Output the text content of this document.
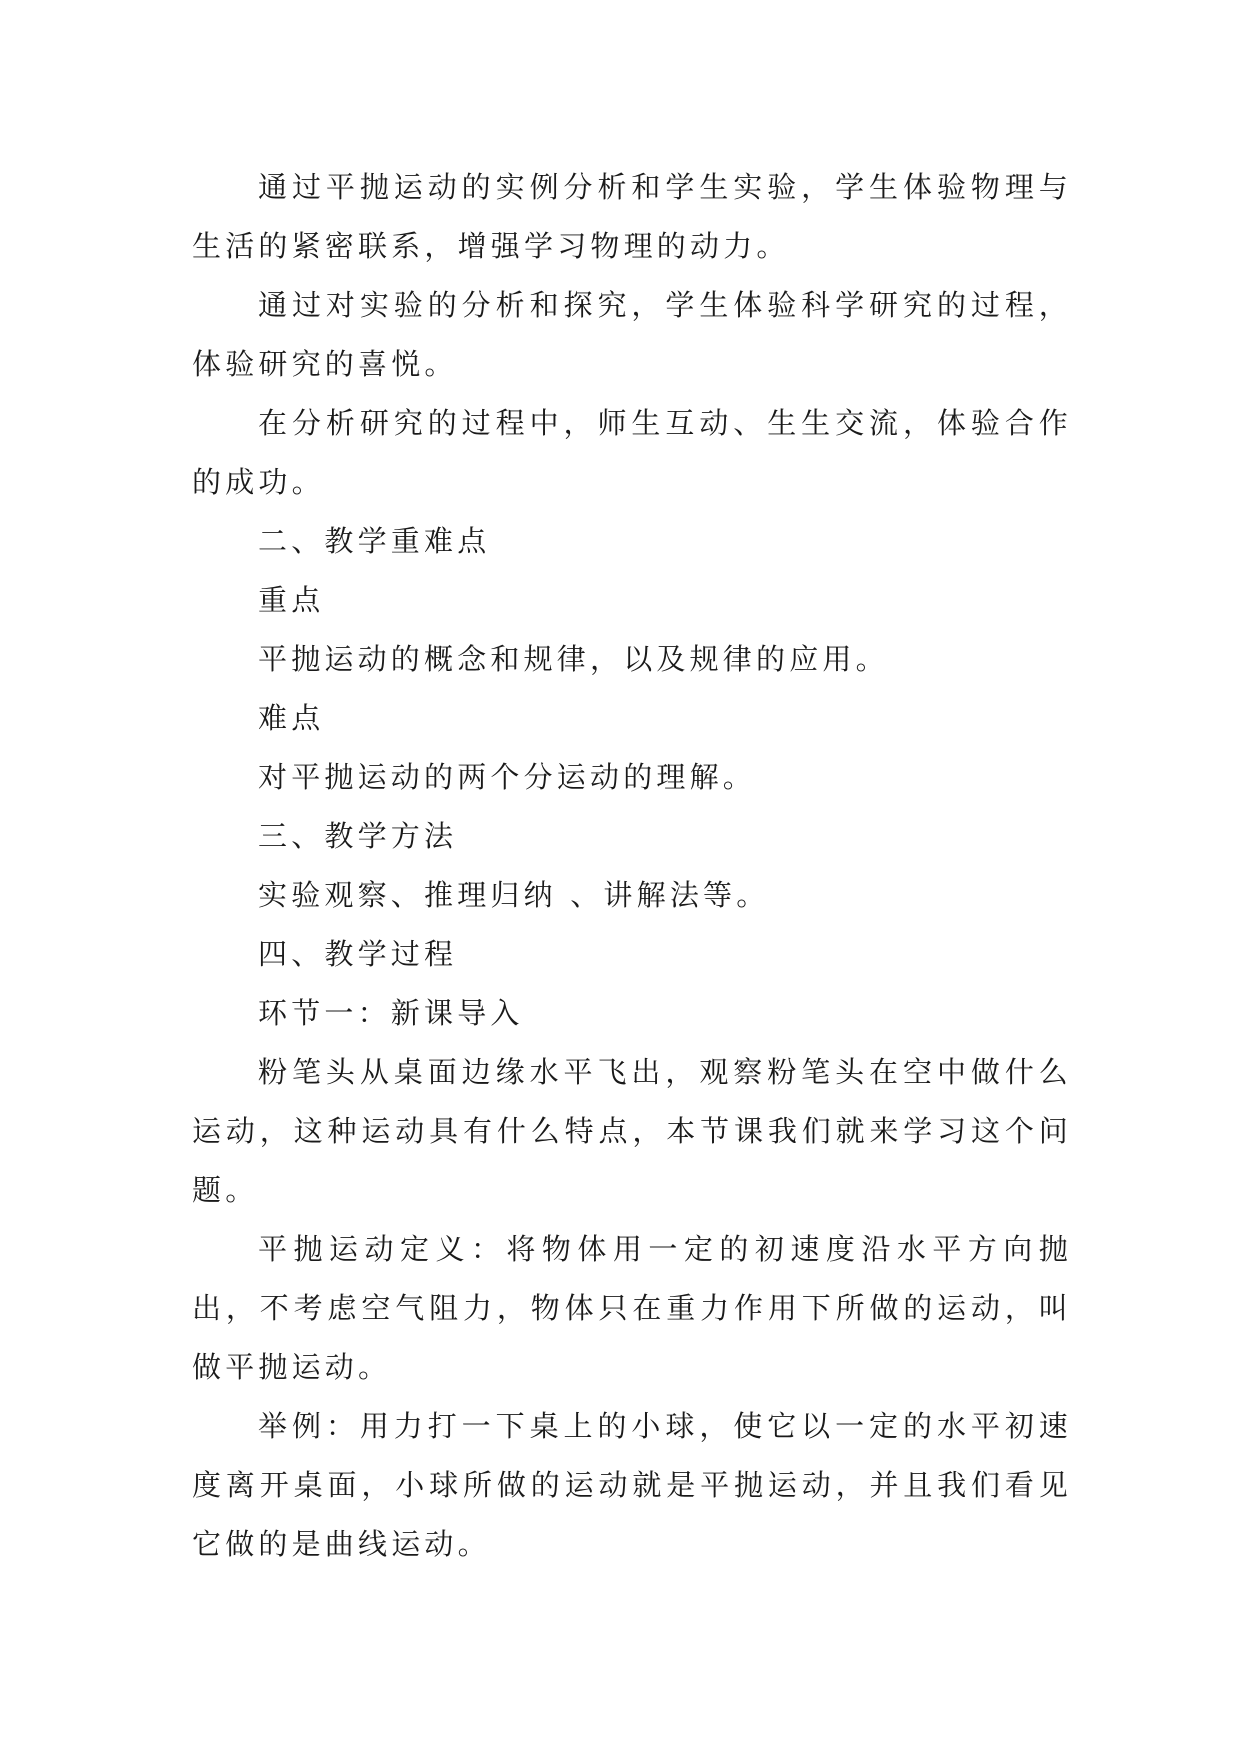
通过平抛运动的实例分析和学生实验，学生体验物理与生活的紧密联系，增强学习物理的动力。

通过对实验的分析和探究，学生体验科学研究的过程，体验研究的喜悦。

在分析研究的过程中，师生互动、生生交流，体验合作的成功。

二、教学重难点

重点

平抛运动的概念和规律，以及规律的应用。

难点

对平抛运动的两个分运动的理解。

三、教学方法

实验观察、推理归纳 、讲解法等。

四、教学过程

环节一：新课导入

粉笔头从桌面边缘水平飞出，观察粉笔头在空中做什么运动，这种运动具有什么特点，本节课我们就来学习这个问题。

平抛运动定义：将物体用一定的初速度沿水平方向抛出，不考虑空气阻力，物体只在重力作用下所做的运动，叫做平抛运动。

举例：用力打一下桌上的小球，使它以一定的水平初速度离开桌面，小球所做的运动就是平抛运动，并且我们看见它做的是曲线运动。
